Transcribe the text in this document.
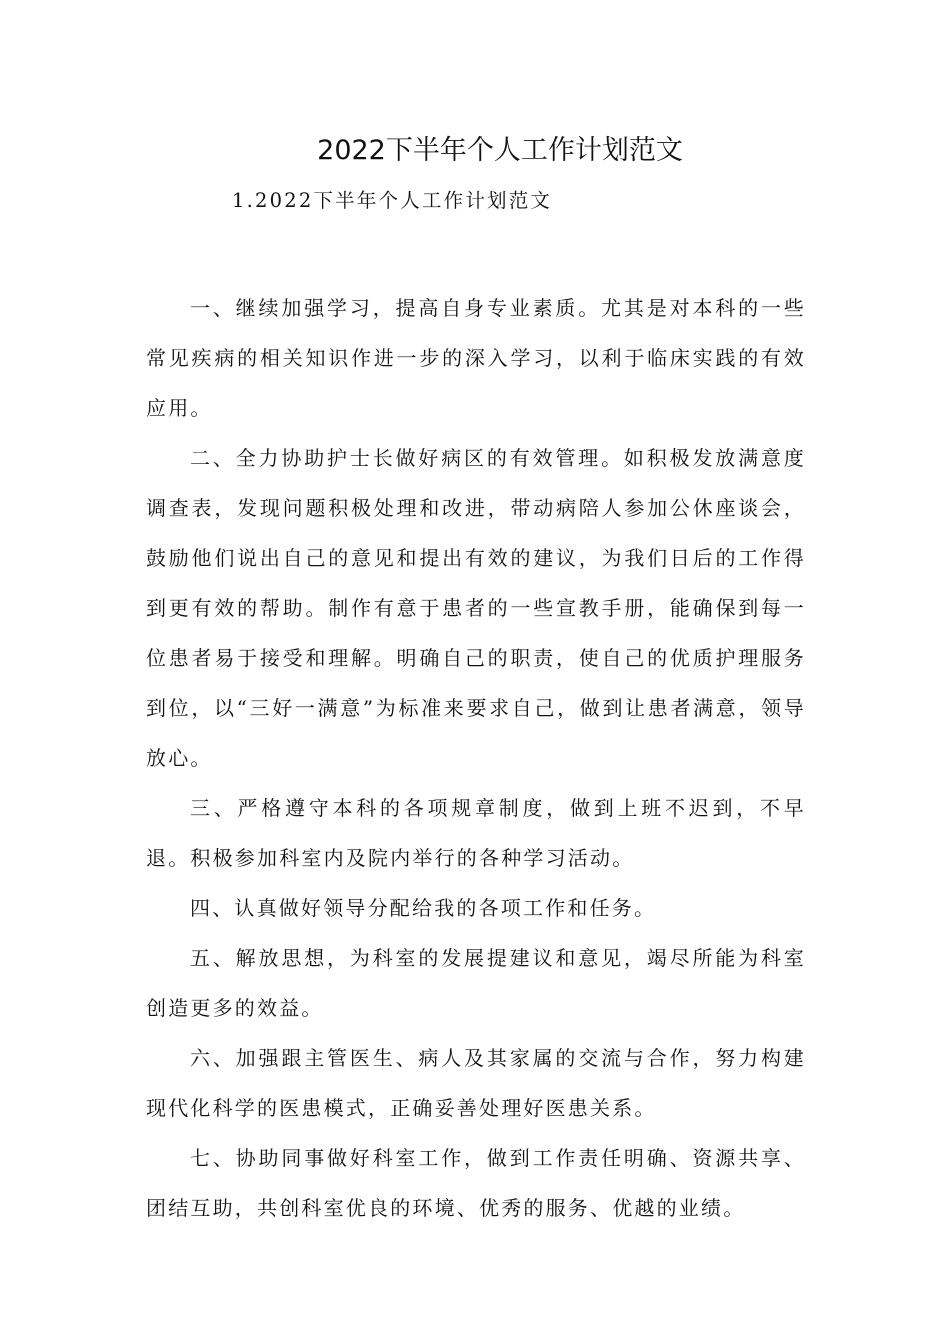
2022下半年个人工作计划范文
1.2022下半年个人工作计划范文

一、继续加强学习，提高自身专业素质。尤其是对本科的一些常见疾病的相关知识作进一步的深入学习，以利于临床实践的有效应用。

二、全力协助护士长做好病区的有效管理。如积极发放满意度调查表，发现问题积极处理和改进，带动病陪人参加公休座谈会，鼓励他们说出自己的意见和提出有效的建议，为我们日后的工作得到更有效的帮助。制作有意于患者的一些宣教手册，能确保到每一位患者易于接受和理解。明确自己的职责，使自己的优质护理服务到位，以“三好一满意”为标准来要求自己，做到让患者满意，领导放心。

三、严格遵守本科的各项规章制度，做到上班不迟到，不早退。积极参加科室内及院内举行的各种学习活动。

四、认真做好领导分配给我的各项工作和任务。

五、解放思想，为科室的发展提建议和意见，竭尽所能为科室创造更多的效益。

六、加强跟主管医生、病人及其家属的交流与合作，努力构建现代化科学的医患模式，正确妥善处理好医患关系。

七、协助同事做好科室工作，做到工作责任明确、资源共享、团结互助，共创科室优良的环境、优秀的服务、优越的业绩。
